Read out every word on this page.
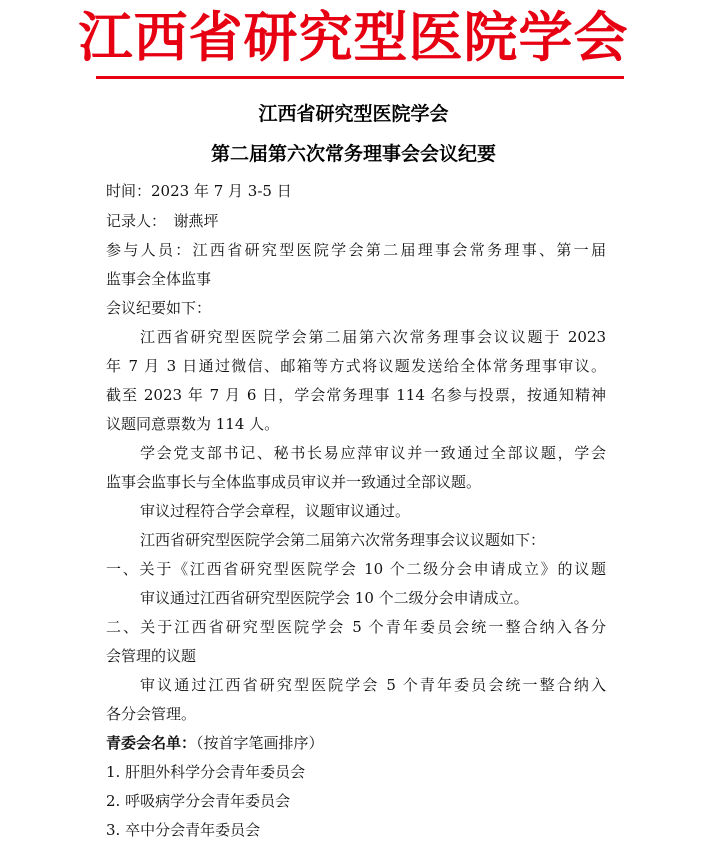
江西省研究型医院学会
江西省研究型医院学会
第二届第六次常务理事会会议纪要
时间：2023 年 7 月 3-5 日
记录人：　谢燕坪
参与人员：江西省研究型医院学会第二届理事会常务理事、第一届
监事会全体监事
会议纪要如下：
江西省研究型医院学会第二届第六次常务理事会议议题于 2023
年 7 月 3 日通过微信、邮箱等方式将议题发送给全体常务理事审议。
截至 2023 年 7 月 6 日，学会常务理事 114 名参与投票，按通知精神
议题同意票数为 114 人。
学会党支部书记、秘书长易应萍审议并一致通过全部议题，学会
监事会监事长与全体监事成员审议并一致通过全部议题。
审议过程符合学会章程，议题审议通过。
江西省研究型医院学会第二届第六次常务理事会议议题如下：
一、关于《江西省研究型医院学会 10 个二级分会申请成立》的议题
审议通过江西省研究型医院学会 10 个二级分会申请成立。
二、关于江西省研究型医院学会 5 个青年委员会统一整合纳入各分
会管理的议题
审议通过江西省研究型医院学会 5 个青年委员会统一整合纳入
各分会管理。
青委会名单：（按首字笔画排序）
1. 肝胆外科学分会青年委员会
2. 呼吸病学分会青年委员会
3. 卒中分会青年委员会
